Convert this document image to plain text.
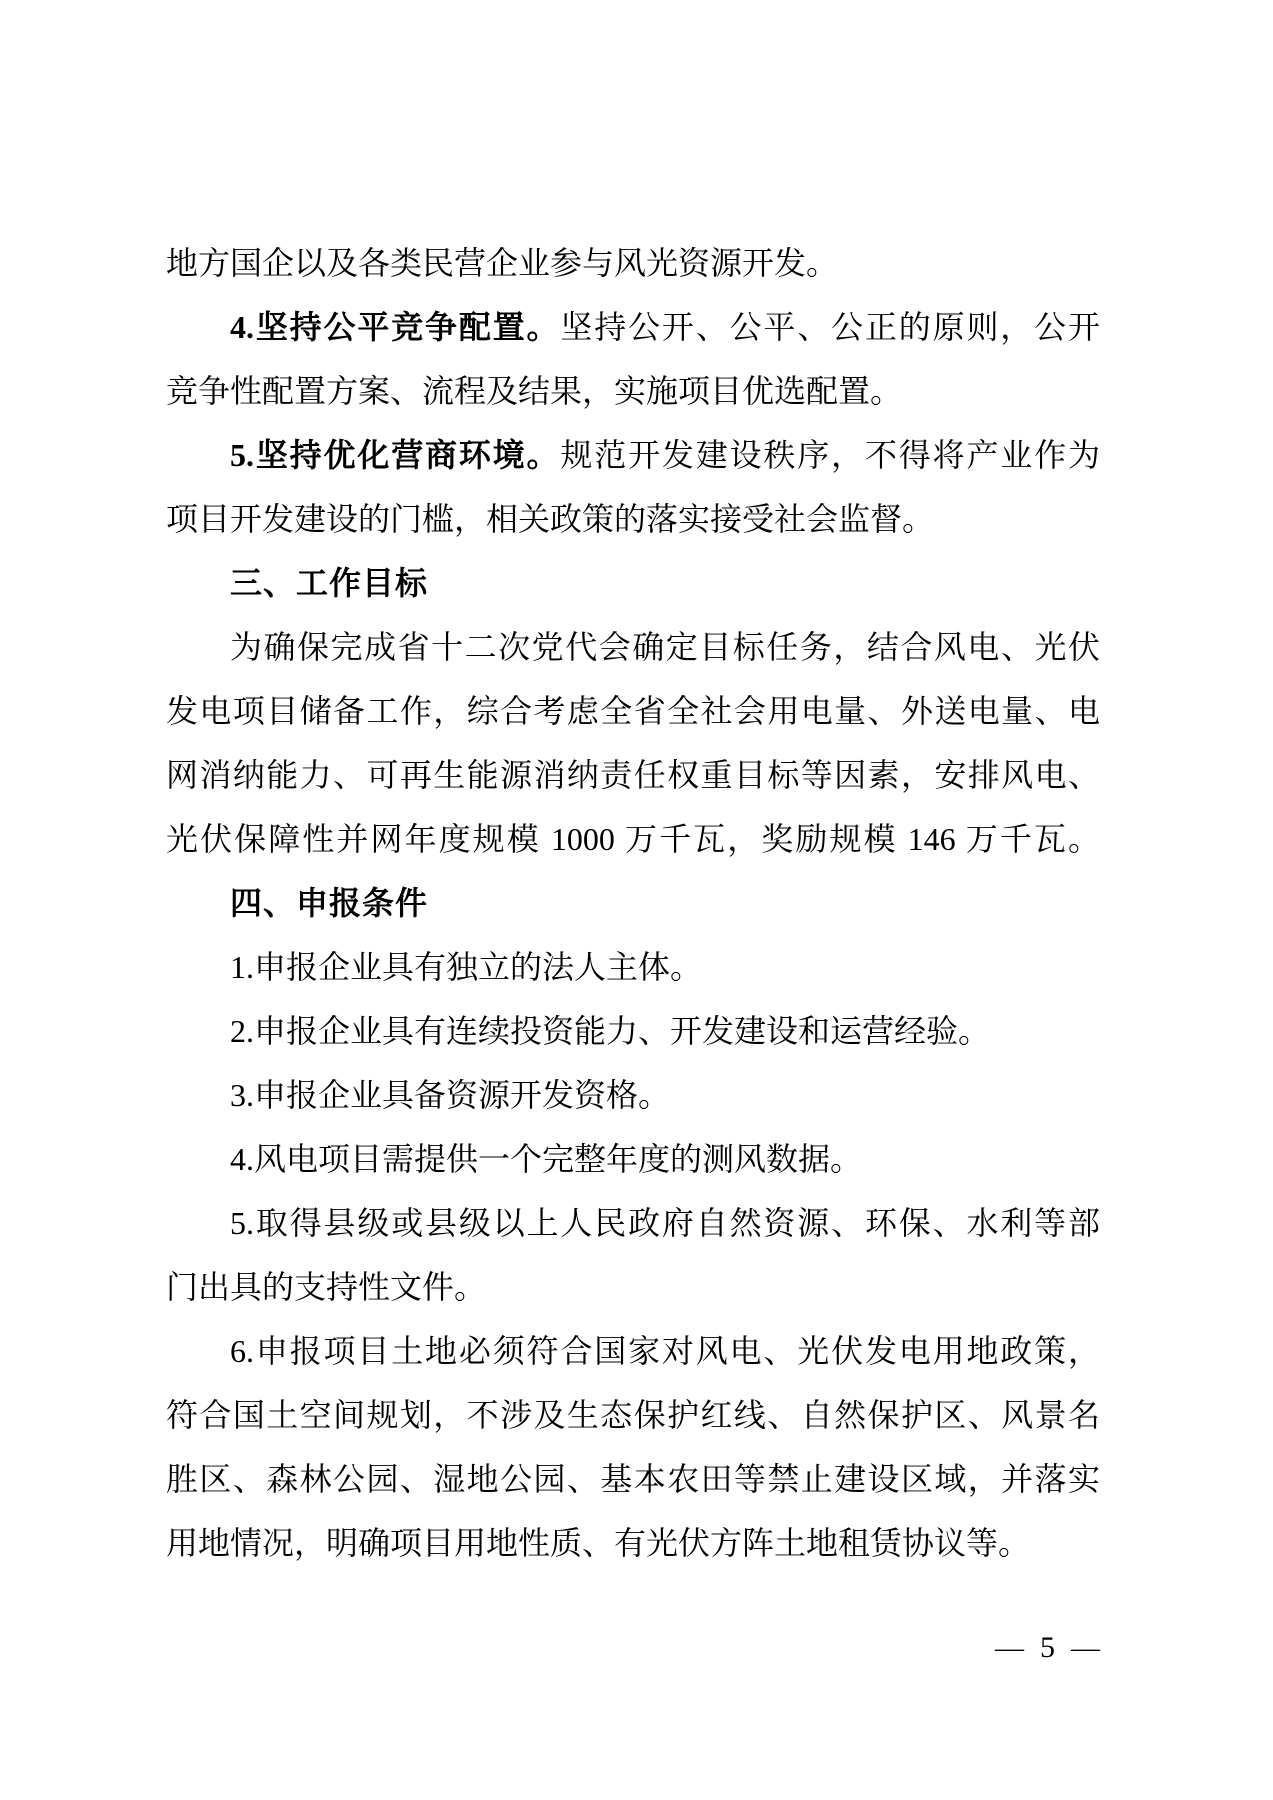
地方国企以及各类民营企业参与风光资源开发。
4.坚持公平竞争配置。坚持公开、公平、公正的原则，公开
竞争性配置方案、流程及结果，实施项目优选配置。
5.坚持优化营商环境。规范开发建设秩序，不得将产业作为
项目开发建设的门槛，相关政策的落实接受社会监督。
三、工作目标
为确保完成省十二次党代会确定目标任务，结合风电、光伏
发电项目储备工作，综合考虑全省全社会用电量、外送电量、电
网消纳能力、可再生能源消纳责任权重目标等因素，安排风电、
光伏保障性并网年度规模 1000 万千瓦，奖励规模 146 万千瓦。
四、申报条件
1.申报企业具有独立的法人主体。
2.申报企业具有连续投资能力、开发建设和运营经验。
3.申报企业具备资源开发资格。
4.风电项目需提供一个完整年度的测风数据。
5.取得县级或县级以上人民政府自然资源、环保、水利等部
门出具的支持性文件。
6.申报项目土地必须符合国家对风电、光伏发电用地政策，
符合国土空间规划，不涉及生态保护红线、自然保护区、风景名
胜区、森林公园、湿地公园、基本农田等禁止建设区域，并落实
用地情况，明确项目用地性质、有光伏方阵土地租赁协议等。
— 5 —
